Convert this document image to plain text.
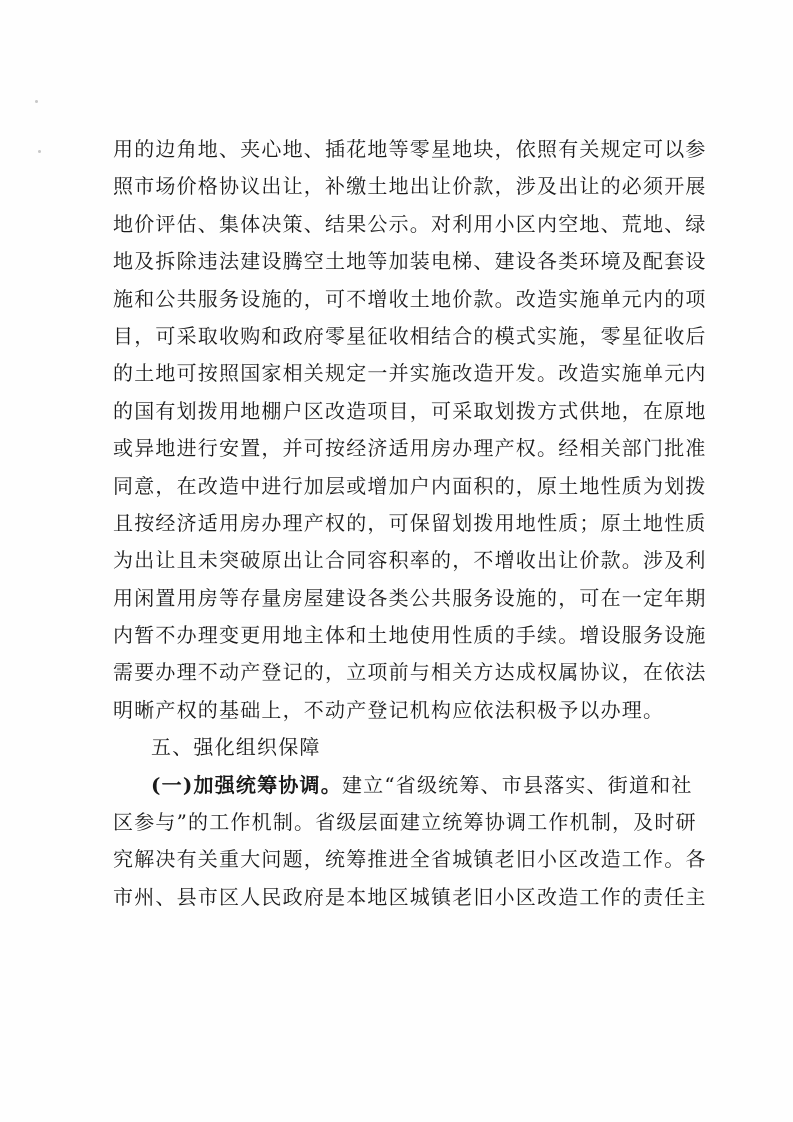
用的边角地、夹心地、插花地等零星地块，依照有关规定可以参
照市场价格协议出让，补缴土地出让价款，涉及出让的必须开展
地价评估、集体决策、结果公示。对利用小区内空地、荒地、绿
地及拆除违法建设腾空土地等加装电梯、建设各类环境及配套设
施和公共服务设施的，可不增收土地价款。改造实施单元内的项
目，可采取收购和政府零星征收相结合的模式实施，零星征收后
的土地可按照国家相关规定一并实施改造开发。改造实施单元内
的国有划拨用地棚户区改造项目，可采取划拨方式供地，在原地
或异地进行安置，并可按经济适用房办理产权。经相关部门批准
同意，在改造中进行加层或增加户内面积的，原土地性质为划拨
且按经济适用房办理产权的，可保留划拨用地性质；原土地性质
为出让且未突破原出让合同容积率的，不增收出让价款。涉及利
用闲置用房等存量房屋建设各类公共服务设施的，可在一定年期
内暂不办理变更用地主体和土地使用性质的手续。增设服务设施
需要办理不动产登记的，立项前与相关方达成权属协议，在依法
明晰产权的基础上，不动产登记机构应依法积极予以办理。
五、强化组织保障
(一)加强统筹协调。建立“省级统筹、市县落实、街道和社
区参与”的工作机制。省级层面建立统筹协调工作机制，及时研
究解决有关重大问题，统筹推进全省城镇老旧小区改造工作。各
市州、县市区人民政府是本地区城镇老旧小区改造工作的责任主
